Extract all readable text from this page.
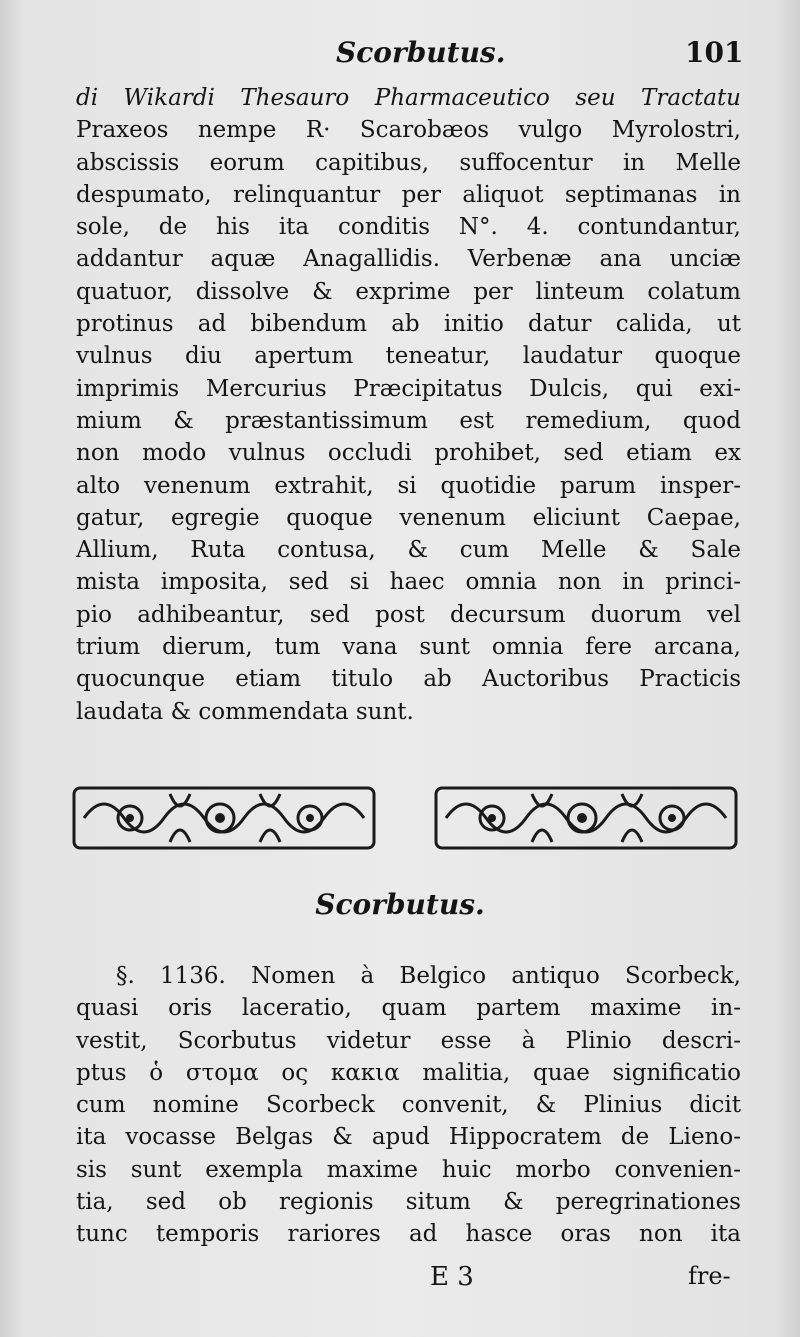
Scorbutus.	101
di Wikardi Thesauro Pharmaceutico seu Tractatu
Praxeos nempe R· Scarobæos vulgo Myrolostri,
abscissis eorum capitibus, suffocentur in Melle
despumato, relinquantur per aliquot septimanas in
sole, de his ita conditis N°. 4. contundantur,
addantur aquæ Anagallidis. Verbenæ ana unciæ
quatuor, dissolve & exprime per linteum colatum
protinus ad bibendum ab initio datur calida, ut
vulnus diu apertum teneatur, laudatur quoque
imprimis Mercurius Præcipitatus Dulcis, qui exi-
mium & præstantissimum est remedium, quod
non modo vulnus occludi prohibet, sed etiam ex
alto venenum extrahit, si quotidie parum insper-
gatur, egregie quoque venenum eliciunt Caepae,
Allium, Ruta contusa, & cum Melle & Sale
mista imposita, sed si haec omnia non in princi-
pio adhibeantur, sed post decursum duorum vel
trium dierum, tum vana sunt omnia fere arcana,
quocunque etiam titulo ab Auctoribus Practicis
laudata & commendata sunt.
Scorbutus.
§. 1136. Nomen à Belgico antiquo Scorbeck,
quasi oris laceratio, quam partem maxime in-
vestit, Scorbutus videtur esse à Plinio descri-
ptus ὁ στομα ος κακια malitia, quae significatio
cum nomine Scorbeck convenit, & Plinius dicit
ita vocasse Belgas & apud Hippocratem de Lieno-
sis sunt exempla maxime huic morbo convenien-
tia, sed ob regionis situm & peregrinationes
tunc temporis rariores ad hasce oras non ita
E 3	fre-
